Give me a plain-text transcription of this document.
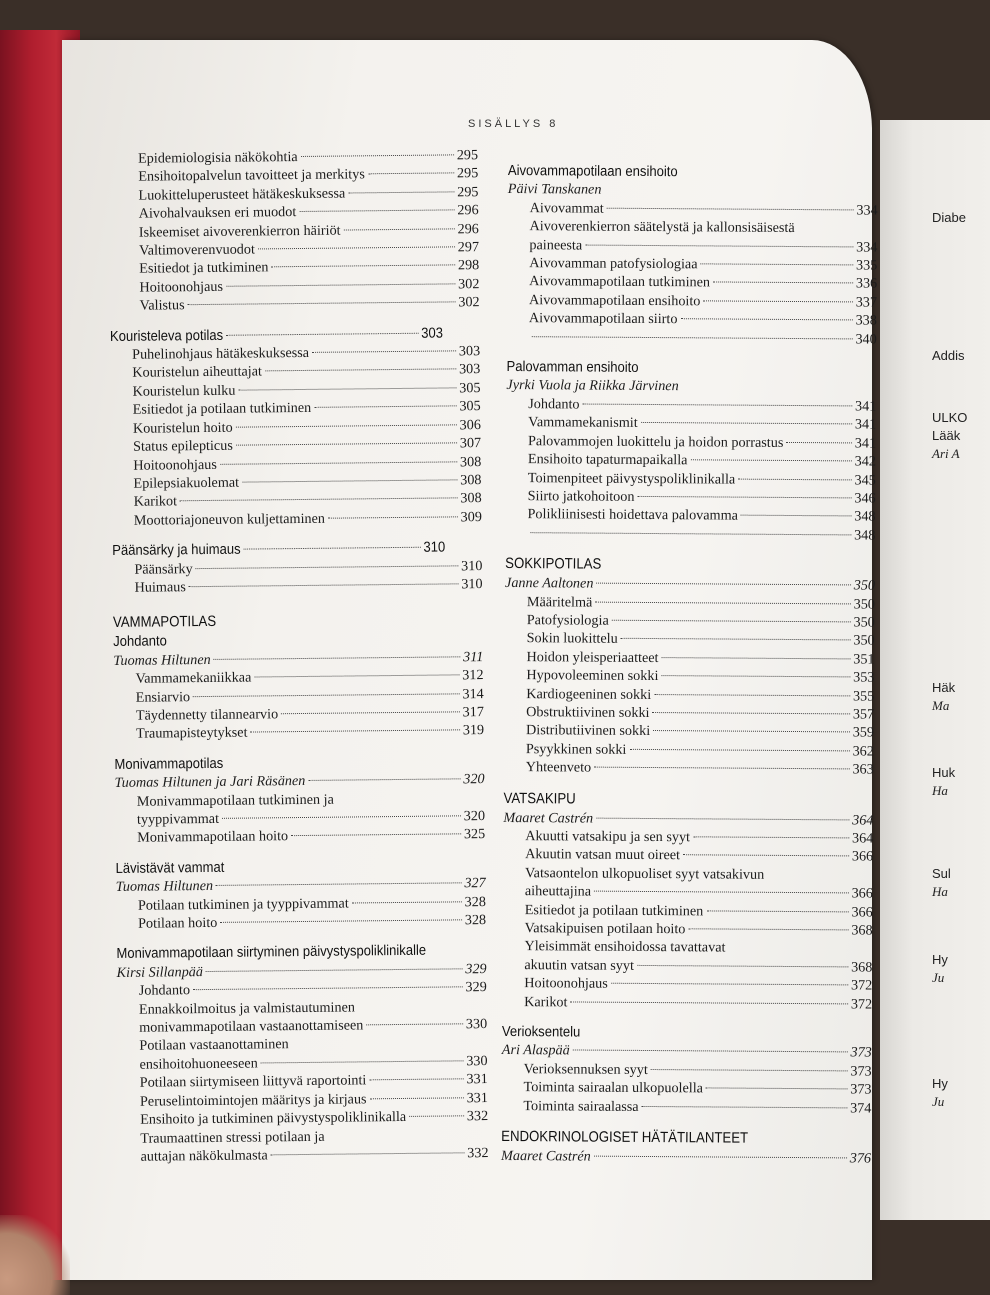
Diabe
Addis
ULKO
Lääk
Ari A
Häk
Ma
Huk
Ha
Sul
Ha
Hy
Ju
Hy
Ju
SISÄLLYS 8
Epidemiologisia näkökohtia	295
Ensihoitopalvelun tavoitteet ja merkitys	295
Luokitteluperusteet hätäkeskuksessa	295
Aivohalvauksen eri muodot	296
Iskeemiset aivoverenkierron häiriöt	296
Valtimoverenvuodot	297
Esitiedot ja tutkiminen	298
Hoitoonohjaus	302
Valistus	302
Kouristeleva potilas	303
Puhelinohjaus hätäkeskuksessa	303
Kouristelun aiheuttajat	303
Kouristelun kulku	305
Esitiedot ja potilaan tutkiminen	305
Kouristelun hoito	306
Status epilepticus	307
Hoitoonohjaus	308
Epilepsiakuolemat	308
Karikot	308
Moottoriajoneuvon kuljettaminen	309
Päänsärky ja huimaus	310
Päänsärky	310
Huimaus	310
VAMMAPOTILAS
Johdanto
Tuomas Hiltunen	311
Vammamekaniikkaa	312
Ensiarvio	314
Täydennetty tilannearvio	317
Traumapisteytykset	319
Monivammapotilas
Tuomas Hiltunen ja Jari Räsänen	320
Monivammapotilaan tutkiminen ja
tyyppivammat	320
Monivammapotilaan hoito	325
Lävistävät vammat
Tuomas Hiltunen	327
Potilaan tutkiminen ja tyyppivammat	328
Potilaan hoito	328
Monivammapotilaan siirtyminen päivystyspoliklinikalle
Kirsi Sillanpää	329
Johdanto	329
Ennakkoilmoitus ja valmistautuminen
monivammapotilaan vastaanottamiseen	330
Potilaan vastaanottaminen
ensihoitohuoneeseen	330
Potilaan siirtymiseen liittyvä raportointi	331
Peruselintoimintojen määritys ja kirjaus	331
Ensihoito ja tutkiminen päivystyspoliklinikalla	332
Traumaattinen stressi potilaan ja
auttajan näkökulmasta	332
Aivovammapotilaan ensihoito
Päivi Tanskanen
Aivovammat	334
Aivoverenkierron säätelystä ja kallonsisäisestä
paineesta	334
Aivovamman patofysiologiaa	335
Aivovammapotilaan tutkiminen	336
Aivovammapotilaan ensihoito	337
Aivovammapotilaan siirto	338
340
Palovamman ensihoito
Jyrki Vuola ja Riikka Järvinen
Johdanto	341
Vammamekanismit	341
Palovammojen luokittelu ja hoidon porrastus	341
Ensihoito tapaturmapaikalla	342
Toimenpiteet päivystyspoliklinikalla	345
Siirto jatkohoitoon	346
Polikliinisesti hoidettava palovamma	348
348
SOKKIPOTILAS
Janne Aaltonen	350
Määritelmä	350
Patofysiologia	350
Sokin luokittelu	350
Hoidon yleisperiaatteet	351
Hypovoleeminen sokki	353
Kardiogeeninen sokki	355
Obstruktiivinen sokki	357
Distributiivinen sokki	359
Psyykkinen sokki	362
Yhteenveto	363
VATSAKIPU
Maaret Castrén	364
Akuutti vatsakipu ja sen syyt	364
Akuutin vatsan muut oireet	366
Vatsaontelon ulkopuoliset syyt vatsakivun
aiheuttajina	366
Esitiedot ja potilaan tutkiminen	366
Vatsakipuisen potilaan hoito	368
Yleisimmät ensihoidossa tavattavat
akuutin vatsan syyt	368
Hoitoonohjaus	372
Karikot	372
Verioksentelu
Ari Alaspää	373
Verioksennuksen syyt	373
Toiminta sairaalan ulkopuolella	373
Toiminta sairaalassa	374
ENDOKRINOLOGISET HÄTÄTILANTEET
Maaret Castrén	376
